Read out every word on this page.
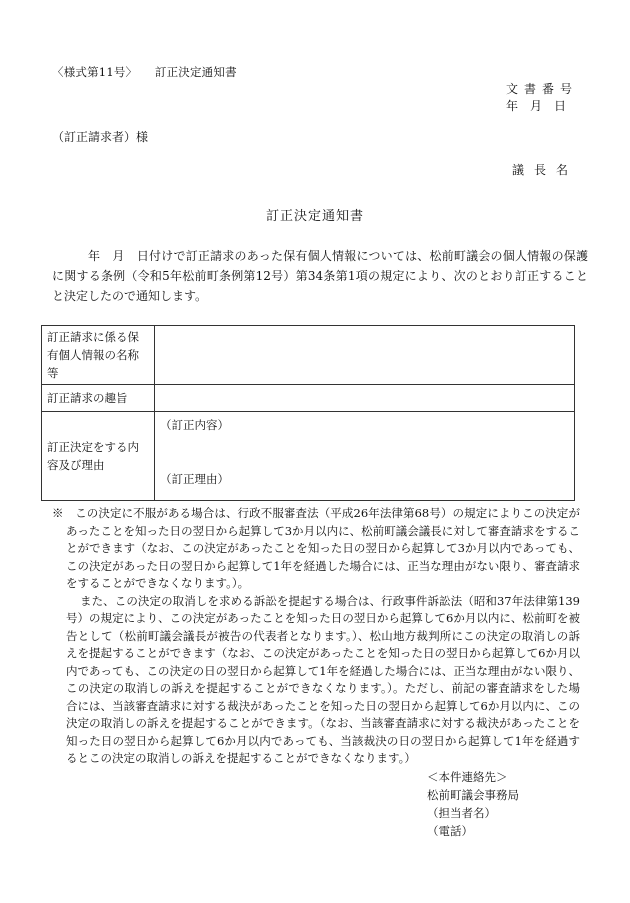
〈様式第11号〉　　訂正決定通知書
文書番号
年月日
（訂正請求者）様
議長名
訂正決定通知書

年　月　日付けで訂正請求のあった保有個人情報については、松前町議会の個人情報の保護に関する条例（令和5年松前町条例第12号）第34条第1項の規定により、次のとおり訂正することと決定したので通知します。

訂正請求に係る保有個人情報の名称等	
訂正請求の趣旨	
訂正決定をする内容及び理由	（訂正内容）
（訂正理由）

※　この決定に不服がある場合は、行政不服審査法（平成26年法律第68号）の規定によりこの決定があったことを知った日の翌日から起算して3か月以内に、松前町議会議長に対して審査請求をすることができます（なお、この決定があったことを知った日の翌日から起算して3か月以内であっても、この決定があった日の翌日から起算して1年を経過した場合には、正当な理由がない限り、審査請求をすることができなくなります。）。

また、この決定の取消しを求める訴訟を提起する場合は、行政事件訴訟法（昭和37年法律第139号）の規定により、この決定があったことを知った日の翌日から起算して6か月以内に、松前町を被告として（松前町議会議長が被告の代表者となります。）、松山地方裁判所にこの決定の取消しの訴えを提起することができます（なお、この決定があったことを知った日の翌日から起算して6か月以内であっても、この決定の日の翌日から起算して1年を経過した場合には、正当な理由がない限り、この決定の取消しの訴えを提起することができなくなります。）。ただし、前記の審査請求をした場合には、当該審査請求に対する裁決があったことを知った日の翌日から起算して6か月以内に、この決定の取消しの訴えを提起することができます。（なお、当該審査請求に対する裁決があったことを知った日の翌日から起算して6か月以内であっても、当該裁決の日の翌日から起算して1年を経過するとこの決定の取消しの訴えを提起することができなくなります。）

＜本件連絡先＞
松前町議会事務局
（担当者名）
（電話）
